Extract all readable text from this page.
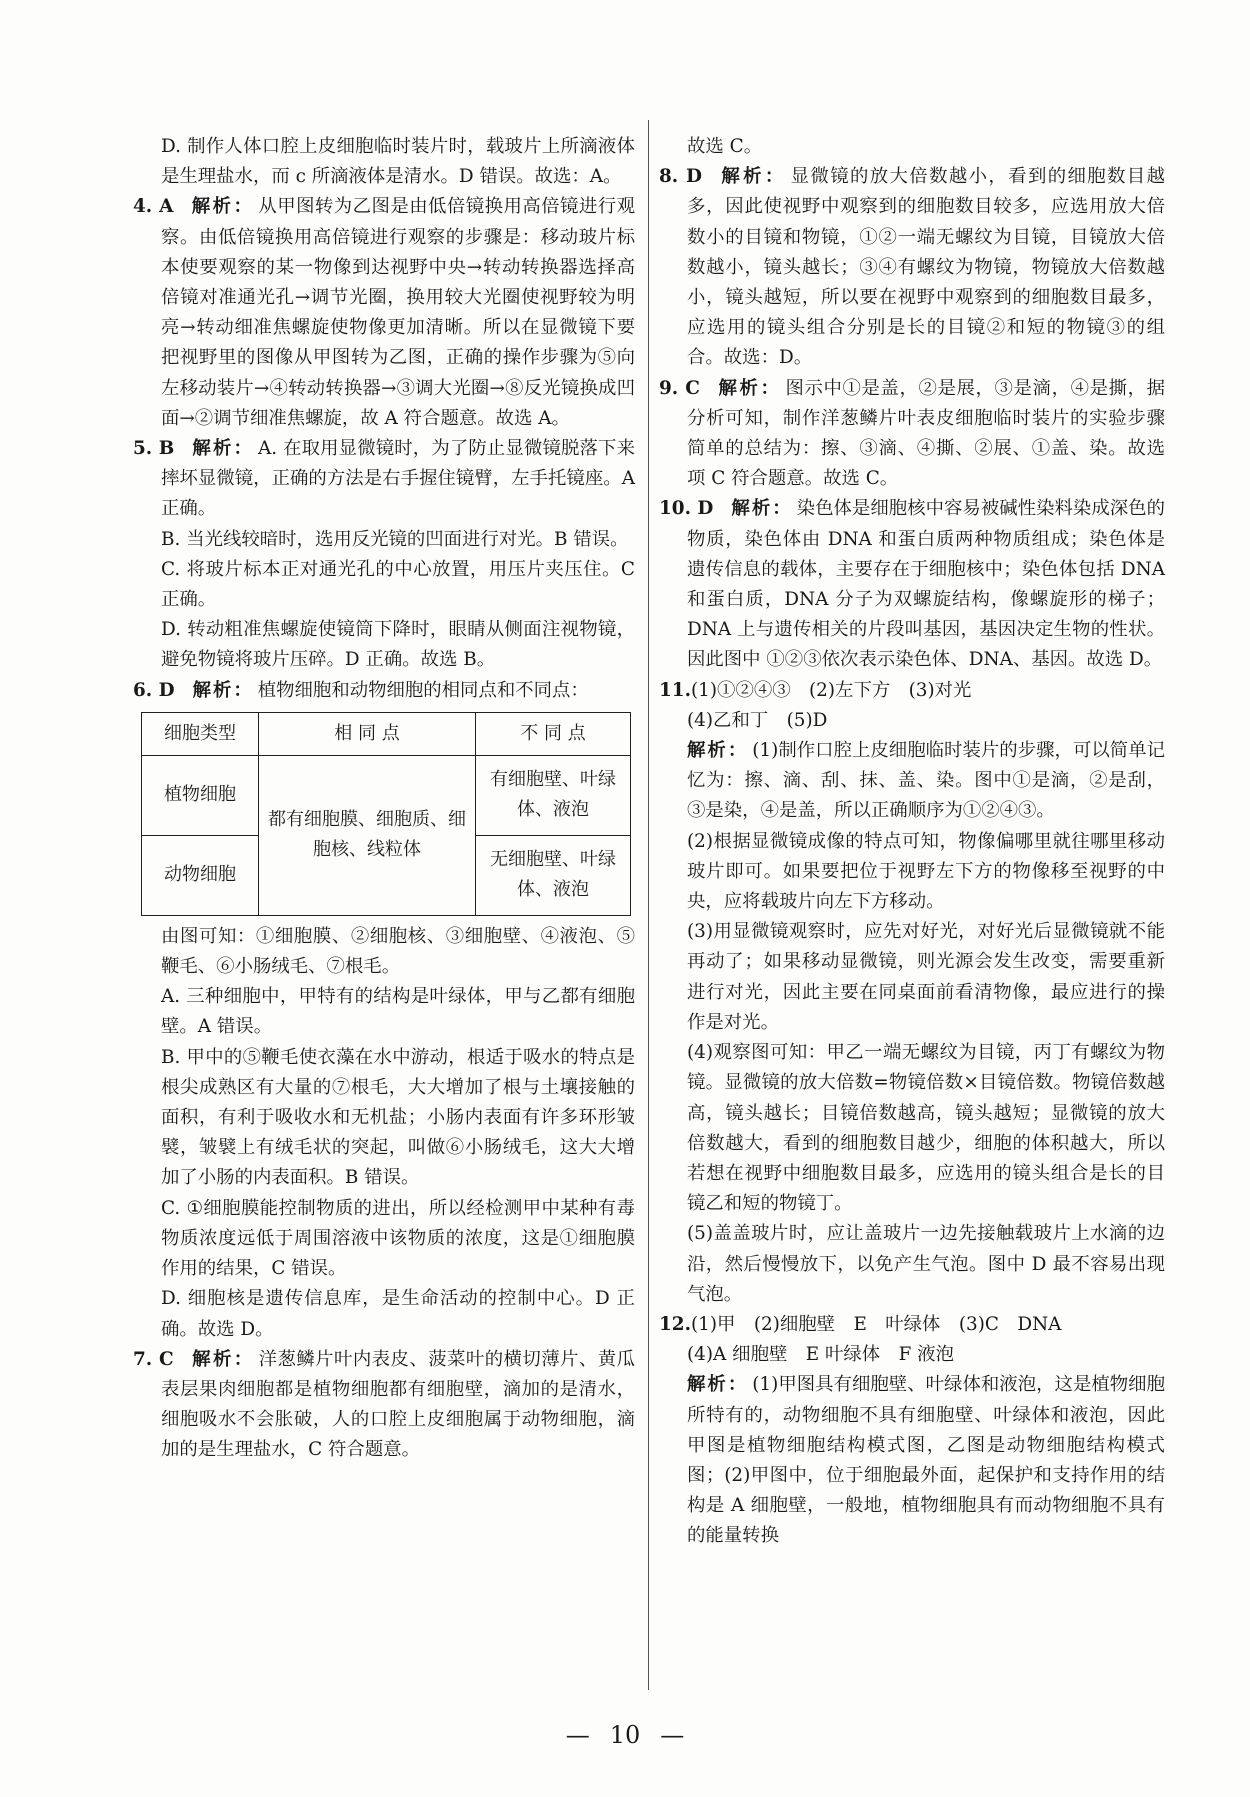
D. 制作人体口腔上皮细胞临时装片时，载玻片上所滴液体是生理盐水，而 c 所滴液体是清水。D 错误。故选：A。

4. A 解析： 从甲图转为乙图是由低倍镜换用高倍镜进行观察。由低倍镜换用高倍镜进行观察的步骤是：移动玻片标本使要观察的某一物像到达视野中央→转动转换器选择高倍镜对准通光孔→调节光圈，换用较大光圈使视野较为明亮→转动细准焦螺旋使物像更加清晰。所以在显微镜下要把视野里的图像从甲图转为乙图，正确的操作步骤为⑤向左移动装片→④转动转换器→③调大光圈→⑧反光镜换成凹面→②调节细准焦螺旋，故 A 符合题意。故选 A。

5. B 解析： A. 在取用显微镜时，为了防止显微镜脱落下来摔坏显微镜，正确的方法是右手握住镜臂，左手托镜座。A 正确。

B. 当光线较暗时，选用反光镜的凹面进行对光。B 错误。

C. 将玻片标本正对通光孔的中心放置，用压片夹压住。C 正确。

D. 转动粗准焦螺旋使镜筒下降时，眼睛从侧面注视物镜，避免物镜将玻片压碎。D 正确。故选 B。

6. D 解析： 植物细胞和动物细胞的相同点和不同点：

细胞类型	相 同 点	不 同 点
植物细胞	都有细胞膜、细胞质、细胞核、线粒体	有细胞壁、叶绿体、液泡
动物细胞		无细胞壁、叶绿体、液泡

由图可知：①细胞膜、②细胞核、③细胞壁、④液泡、⑤鞭毛、⑥小肠绒毛、⑦根毛。

A. 三种细胞中，甲特有的结构是叶绿体，甲与乙都有细胞壁。A 错误。

B. 甲中的⑤鞭毛使衣藻在水中游动，根适于吸水的特点是根尖成熟区有大量的⑦根毛，大大增加了根与土壤接触的面积，有利于吸收水和无机盐；小肠内表面有许多环形皱襞，皱襞上有绒毛状的突起，叫做⑥小肠绒毛，这大大增加了小肠的内表面积。B 错误。

C. ①细胞膜能控制物质的进出，所以经检测甲中某种有毒物质浓度远低于周围溶液中该物质的浓度，这是①细胞膜作用的结果，C 错误。

D. 细胞核是遗传信息库，是生命活动的控制中心。D 正确。故选 D。

7. C 解析： 洋葱鳞片叶内表皮、菠菜叶的横切薄片、黄瓜表层果肉细胞都是植物细胞都有细胞壁，滴加的是清水，细胞吸水不会胀破，人的口腔上皮细胞属于动物细胞，滴加的是生理盐水，C 符合题意。

故选 C。

8. D 解析： 显微镜的放大倍数越小，看到的细胞数目越多，因此使视野中观察到的细胞数目较多，应选用放大倍数小的目镜和物镜，①②一端无螺纹为目镜，目镜放大倍数越小，镜头越长；③④有螺纹为物镜，物镜放大倍数越小，镜头越短，所以要在视野中观察到的细胞数目最多，应选用的镜头组合分别是长的目镜②和短的物镜③的组合。故选：D。

9. C 解析： 图示中①是盖，②是展，③是滴，④是撕，据分析可知，制作洋葱鳞片叶表皮细胞临时装片的实验步骤简单的总结为：擦、③滴、④撕、②展、①盖、染。故选项 C 符合题意。故选 C。

10. D 解析： 染色体是细胞核中容易被碱性染料染成深色的物质，染色体由 DNA 和蛋白质两种物质组成；染色体是遗传信息的载体，主要存在于细胞核中；染色体包括 DNA 和蛋白质，DNA 分子为双螺旋结构，像螺旋形的梯子；DNA 上与遗传相关的片段叫基因，基因决定生物的性状。因此图中 ①②③依次表示染色体、DNA、基因。故选 D。

11.(1)①②④③　(2)左下方　(3)对光

(4)乙和丁　(5)D

解析： (1)制作口腔上皮细胞临时装片的步骤，可以简单记忆为：擦、滴、刮、抹、盖、染。图中①是滴，②是刮，③是染，④是盖，所以正确顺序为①②④③。

(2)根据显微镜成像的特点可知，物像偏哪里就往哪里移动玻片即可。如果要把位于视野左下方的物像移至视野的中央，应将载玻片向左下方移动。

(3)用显微镜观察时，应先对好光，对好光后显微镜就不能再动了；如果移动显微镜，则光源会发生改变，需要重新进行对光，因此主要在同桌面前看清物像，最应进行的操作是对光。

(4)观察图可知：甲乙一端无螺纹为目镜，丙丁有螺纹为物镜。显微镜的放大倍数=物镜倍数×目镜倍数。物镜倍数越高，镜头越长；目镜倍数越高，镜头越短；显微镜的放大倍数越大，看到的细胞数目越少，细胞的体积越大，所以若想在视野中细胞数目最多，应选用的镜头组合是长的目镜乙和短的物镜丁。

(5)盖盖玻片时，应让盖玻片一边先接触载玻片上水滴的边沿，然后慢慢放下，以免产生气泡。图中 D 最不容易出现气泡。

12.(1)甲　(2)细胞壁　E　叶绿体　(3)C　DNA

(4)A 细胞壁　E 叶绿体　F 液泡

解析： (1)甲图具有细胞壁、叶绿体和液泡，这是植物细胞所特有的，动物细胞不具有细胞壁、叶绿体和液泡，因此甲图是植物细胞结构模式图，乙图是动物细胞结构模式图；(2)甲图中，位于细胞最外面，起保护和支持作用的结构是 A 细胞壁，一般地，植物细胞具有而动物细胞不具有的能量转换

— 10 —
